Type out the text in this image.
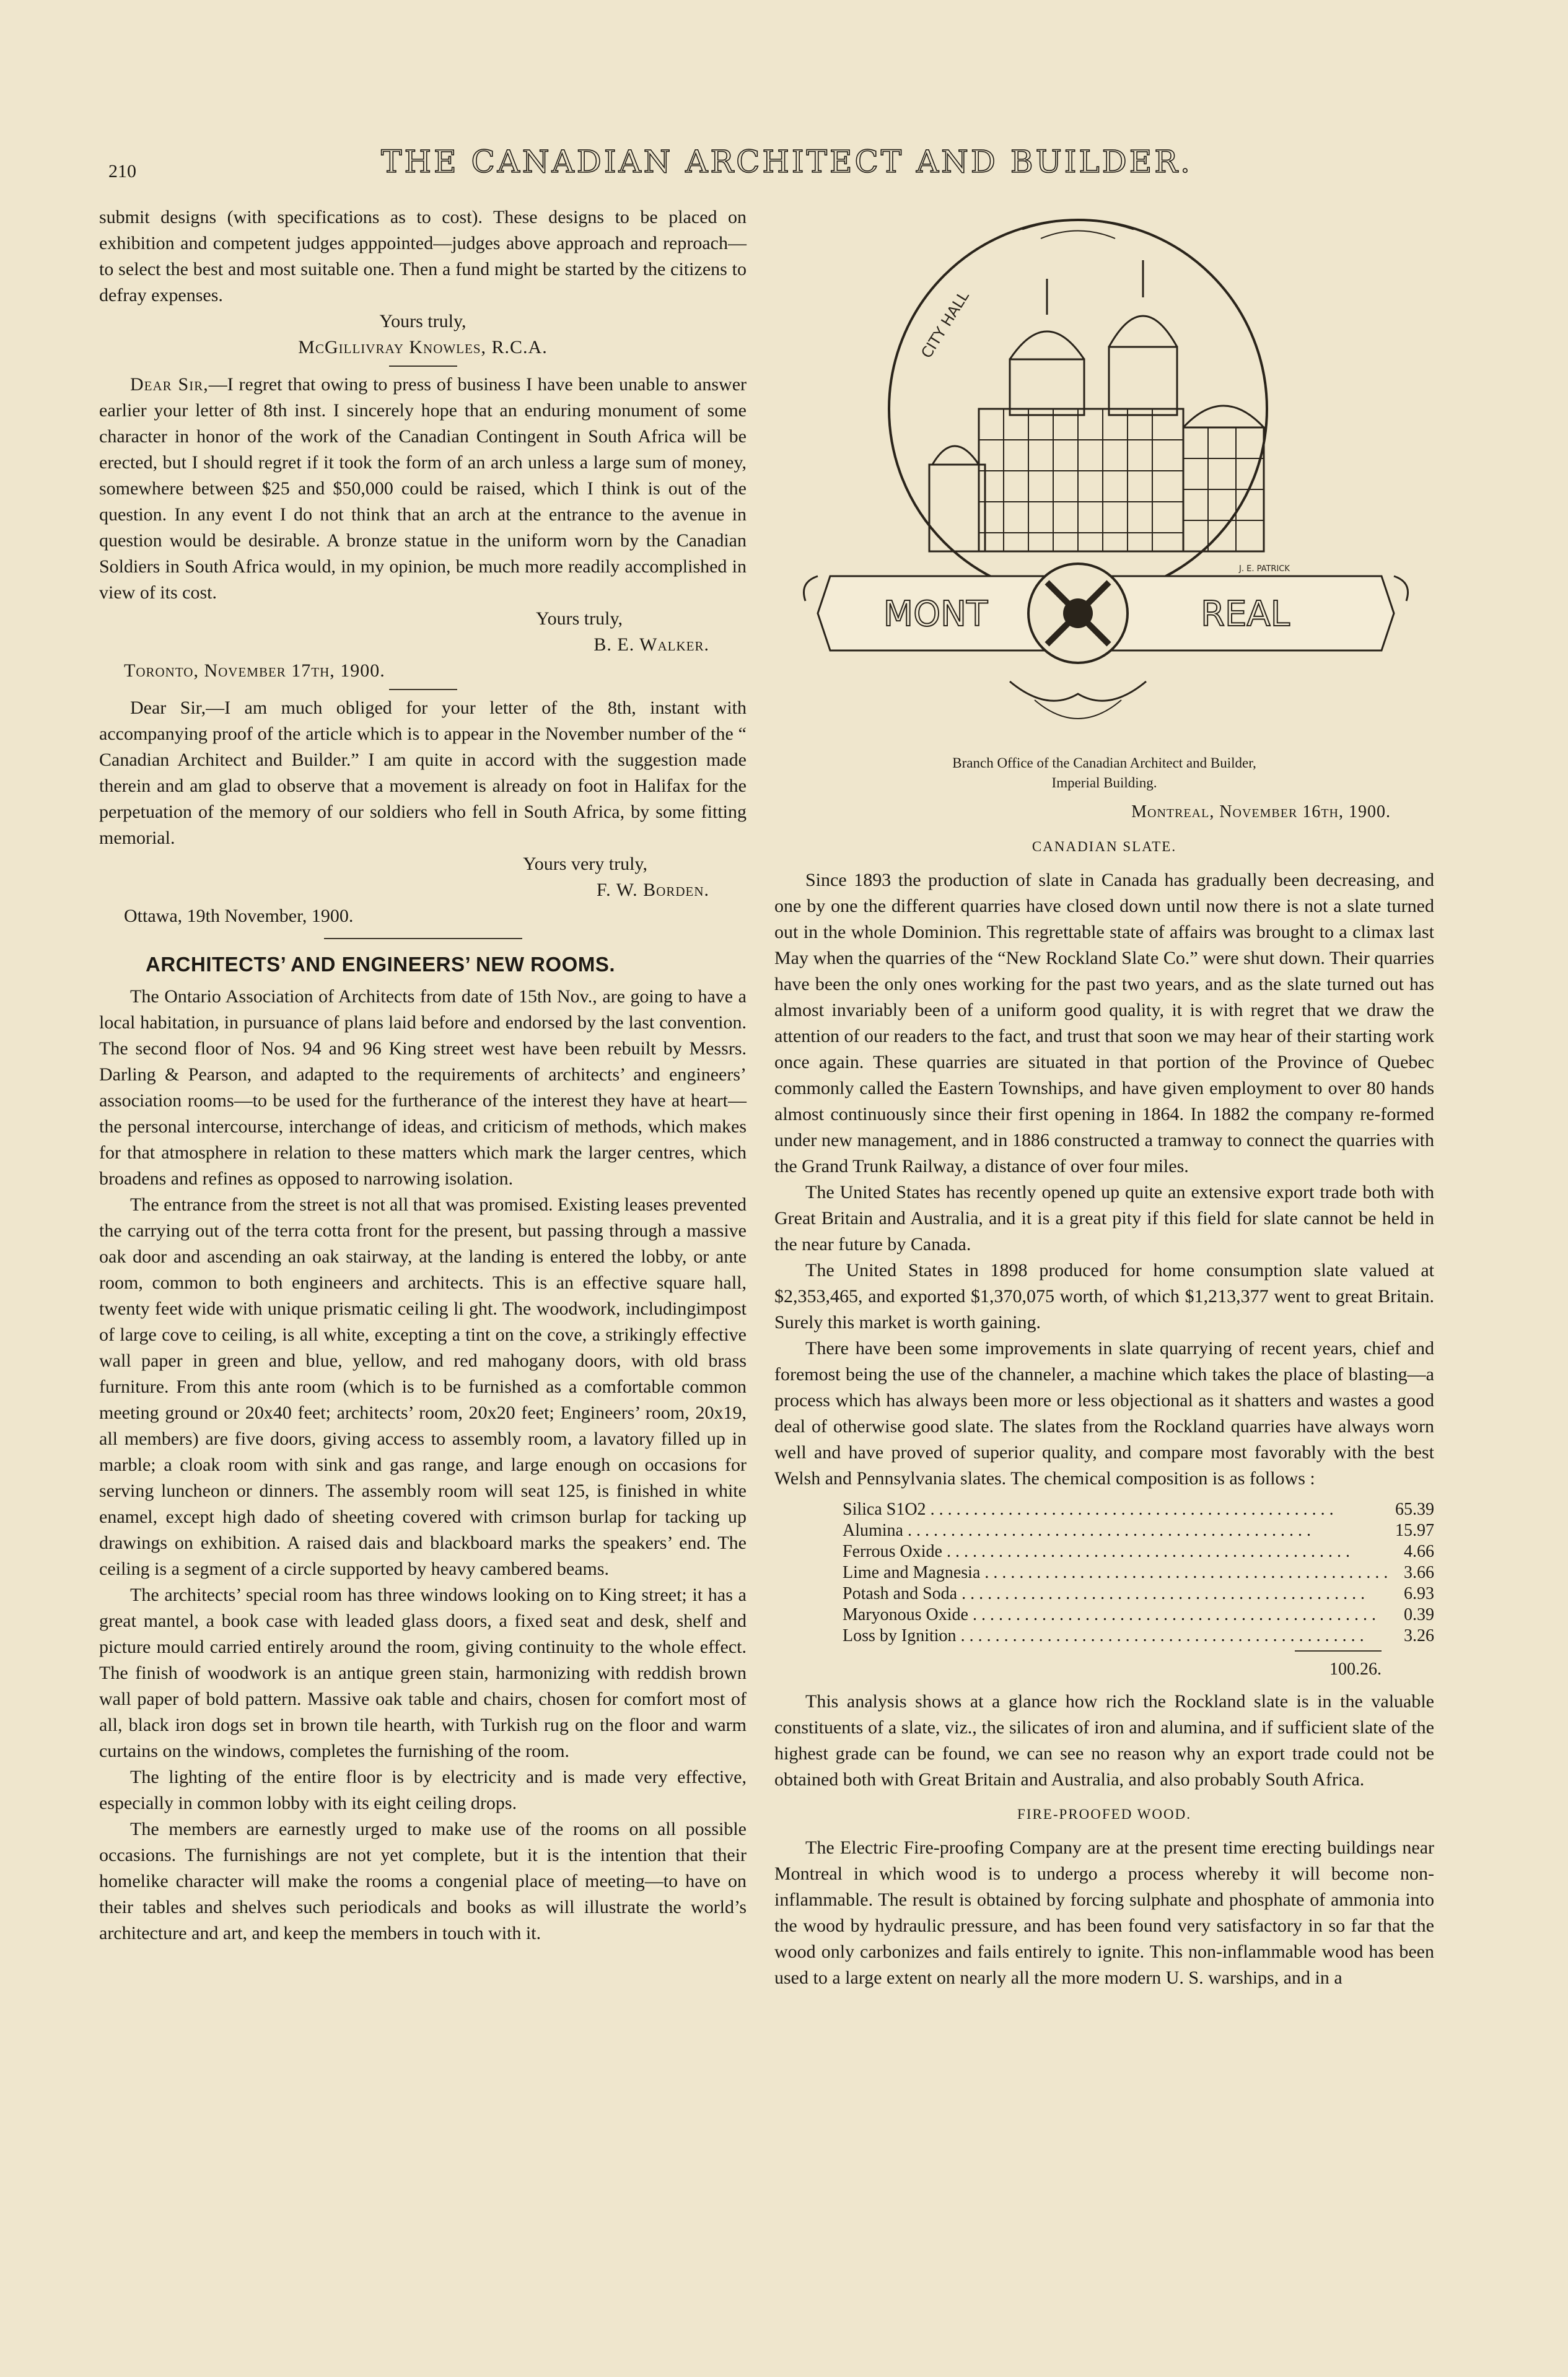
210	THE CANADIAN ARCHITECT AND BUILDER.

submit designs (with specifications as to cost). These designs to be placed on exhibition and competent judges apppointed—judges above approach and reproach—to select the best and most suitable one. Then a fund might be started by the citizens to defray expenses.

Yours truly,

McGillivray Knowles, R.C.A.

Dear Sir,—I regret that owing to press of business I have been unable to answer earlier your letter of 8th inst. I sincerely hope that an enduring monument of some character in honor of the work of the Canadian Contingent in South Africa will be erected, but I should regret if it took the form of an arch unless a large sum of money, somewhere between $25 and $50,000 could be raised, which I think is out of the question. In any event I do not think that an arch at the entrance to the avenue in question would be desirable. A bronze statue in the uniform worn by the Canadian Soldiers in South Africa would, in my opinion, be much more readily accomplished in view of its cost.

Yours truly,

B. E. Walker.

Toronto, November 17th, 1900.

Dear Sir,—I am much obliged for your letter of the 8th, instant with accompanying proof of the article which is to appear in the November number of the “ Canadian Architect and Builder.” I am quite in accord with the suggestion made therein and am glad to observe that a movement is already on foot in Halifax for the perpetuation of the memory of our soldiers who fell in South Africa, by some fitting memorial.

Yours very truly,

F. W. Borden.

Ottawa, 19th November, 1900.

ARCHITECTS’ AND ENGINEERS’ NEW ROOMS.

The Ontario Association of Architects from date of 15th Nov., are going to have a local habitation, in pursuance of plans laid before and endorsed by the last convention. The second floor of Nos. 94 and 96 King street west have been rebuilt by Messrs. Darling & Pearson, and adapted to the requirements of architects’ and engineers’ association rooms—to be used for the furtherance of the interest they have at heart—the personal intercourse, interchange of ideas, and criticism of methods, which makes for that atmosphere in relation to these matters which mark the larger centres, which broadens and refines as opposed to narrowing isolation.

The entrance from the street is not all that was promised. Existing leases prevented the carrying out of the terra cotta front for the present, but passing through a massive oak door and ascending an oak stairway, at the landing is entered the lobby, or ante room, common to both engineers and architects. This is an effective square hall, twenty feet wide with unique prismatic ceiling li ght. The woodwork, includingimpost of large cove to ceiling, is all white, excepting a tint on the cove, a strikingly effective wall paper in green and blue, yellow, and red mahogany doors, with old brass furniture. From this ante room (which is to be furnished as a comfortable common meeting ground or 20x40 feet; architects’ room, 20x20 feet; Engineers’ room, 20x19, all members) are five doors, giving access to assembly room, a lavatory filled up in marble; a cloak room with sink and gas range, and large enough on occasions for serving luncheon or dinners. The assembly room will seat 125, is finished in white enamel, except high dado of sheeting covered with crimson burlap for tacking up drawings on exhibition. A raised dais and blackboard marks the speakers’ end. The ceiling is a segment of a circle supported by heavy cambered beams.

The architects’ special room has three windows looking on to King street; it has a great mantel, a book case with leaded glass doors, a fixed seat and desk, shelf and picture mould carried entirely around the room, giving continuity to the whole effect. The finish of woodwork is an antique green stain, harmonizing with reddish brown wall paper of bold pattern. Massive oak table and chairs, chosen for comfort most of all, black iron dogs set in brown tile hearth, with Turkish rug on the floor and warm curtains on the windows, completes the furnishing of the room.

The lighting of the entire floor is by electricity and is made very effective, especially in common lobby with its eight ceiling drops.

The members are earnestly urged to make use of the rooms on all possible occasions. The furnishings are not yet complete, but it is the intention that their homelike character will make the rooms a congenial place of meeting—to have on their tables and shelves such periodicals and books as will illustrate the world’s architecture and art, and keep the members in touch with it.

CITY HALL
MONT	REAL
J. E. PATRICK
Branch Office of the Canadian Architect and Builder,
Imperial Building.
Montreal, November 16th, 1900.
CANADIAN SLATE.

Since 1893 the production of slate in Canada has gradually been decreasing, and one by one the different quarries have closed down until now there is not a slate turned out in the whole Dominion. This regrettable state of affairs was brought to a climax last May when the quarries of the “New Rockland Slate Co.” were shut down. Their quarries have been the only ones working for the past two years, and as the slate turned out has almost invariably been of a uniform good quality, it is with regret that we draw the attention of our readers to the fact, and trust that soon we may hear of their starting work once again. These quarries are situated in that portion of the Province of Quebec commonly called the Eastern Townships, and have given employment to over 80 hands almost continuously since their first opening in 1864. In 1882 the company re-formed under new management, and in 1886 constructed a tramway to connect the quarries with the Grand Trunk Railway, a distance of over four miles.

The United States has recently opened up quite an extensive export trade both with Great Britain and Australia, and it is a great pity if this field for slate cannot be held in the near future by Canada.

The United States in 1898 produced for home consumption slate valued at $2,353,465, and exported $1,370,075 worth, of which $1,213,377 went to great Britain. Surely this market is worth gaining.

There have been some improvements in slate quarrying of recent years, chief and foremost being the use of the channeler, a machine which takes the place of blasting—a process which has always been more or less objectional as it shatters and wastes a good deal of otherwise good slate. The slates from the Rockland quarries have always worn well and have proved of superior quality, and compare most favorably with the best Welsh and Pennsylvania slates. The chemical composition is as follows :

Silica S1O2 . . . . . . . . . . . . . . . . . . . . . . . . . . . . . . . . . . . . . . . . . . . . . . .	65.39
Alumina . . . . . . . . . . . . . . . . . . . . . . . . . . . . . . . . . . . . . . . . . . . . . . .	15.97
Ferrous Oxide . . . . . . . . . . . . . . . . . . . . . . . . . . . . . . . . . . . . . . . . . . . . . . .	4.66
Lime and Magnesia . . . . . . . . . . . . . . . . . . . . . . . . . . . . . . . . . . . . . . . . . . . . . . .	3.66
Potash and Soda . . . . . . . . . . . . . . . . . . . . . . . . . . . . . . . . . . . . . . . . . . . . . . .	6.93
Maryonous Oxide . . . . . . . . . . . . . . . . . . . . . . . . . . . . . . . . . . . . . . . . . . . . . . .	0.39
Loss by Ignition . . . . . . . . . . . . . . . . . . . . . . . . . . . . . . . . . . . . . . . . . . . . . . .	3.26
100.26.

This analysis shows at a glance how rich the Rockland slate is in the valuable constituents of a slate, viz., the silicates of iron and alumina, and if sufficient slate of the highest grade can be found, we can see no reason why an export trade could not be obtained both with Great Britain and Australia, and also probably South Africa.

FIRE-PROOFED WOOD.

The Electric Fire-proofing Company are at the present time erecting buildings near Montreal in which wood is to undergo a process whereby it will become non-inflammable. The result is obtained by forcing sulphate and phosphate of ammonia into the wood by hydraulic pressure, and has been found very satisfactory in so far that the wood only carbonizes and fails entirely to ignite. This non-inflammable wood has been used to a large extent on nearly all the more modern U. S. warships, and in a
